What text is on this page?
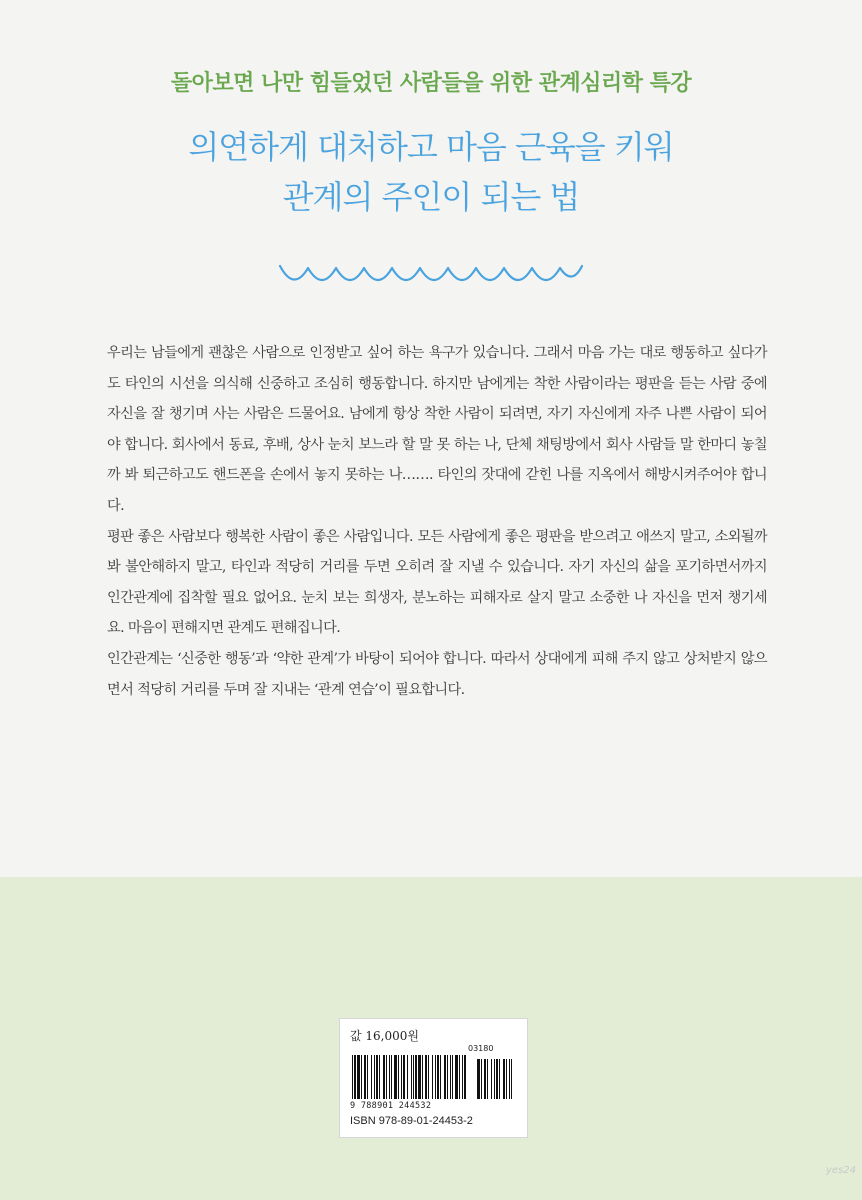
돌아보면 나만 힘들었던 사람들을 위한 관계심리학 특강
의연하게 대처하고 마음 근육을 키워
관계의 주인이 되는 법

우리는 남들에게 괜찮은 사람으로 인정받고 싶어 하는 욕구가 있습니다. 그래서 마음 가는 대로 행동하고 싶다가도 타인의 시선을 의식해 신중하고 조심히 행동합니다. 하지만 남에게는 착한 사람이라는 평판을 듣는 사람 중에 자신을 잘 챙기며 사는 사람은 드물어요. 남에게 항상 착한 사람이 되려면, 자기 자신에게 자주 나쁜 사람이 되어야 합니다. 회사에서 동료, 후배, 상사 눈치 보느라 할 말 못 하는 나, 단체 채팅방에서 회사 사람들 말 한마디 놓칠까 봐 퇴근하고도 핸드폰을 손에서 놓지 못하는 나……. 타인의 잣대에 갇힌 나를 지옥에서 해방시켜주어야 합니다.

평판 좋은 사람보다 행복한 사람이 좋은 사람입니다. 모든 사람에게 좋은 평판을 받으려고 애쓰지 말고, 소외될까 봐 불안해하지 말고, 타인과 적당히 거리를 두면 오히려 잘 지낼 수 있습니다. 자기 자신의 삶을 포기하면서까지 인간관계에 집착할 필요 없어요. 눈치 보는 희생자, 분노하는 피해자로 살지 말고 소중한 나 자신을 먼저 챙기세요. 마음이 편해지면 관계도 편해집니다.

인간관계는 ‘신중한 행동’과 ‘약한 관계’가 바탕이 되어야 합니다. 따라서 상대에게 피해 주지 않고 상처받지 않으면서 적당히 거리를 두며 잘 지내는 ‘관계 연습’이 필요합니다.

값 16,000원
03180
9 788901 244532
ISBN 978-89-01-24453-2
yes24
